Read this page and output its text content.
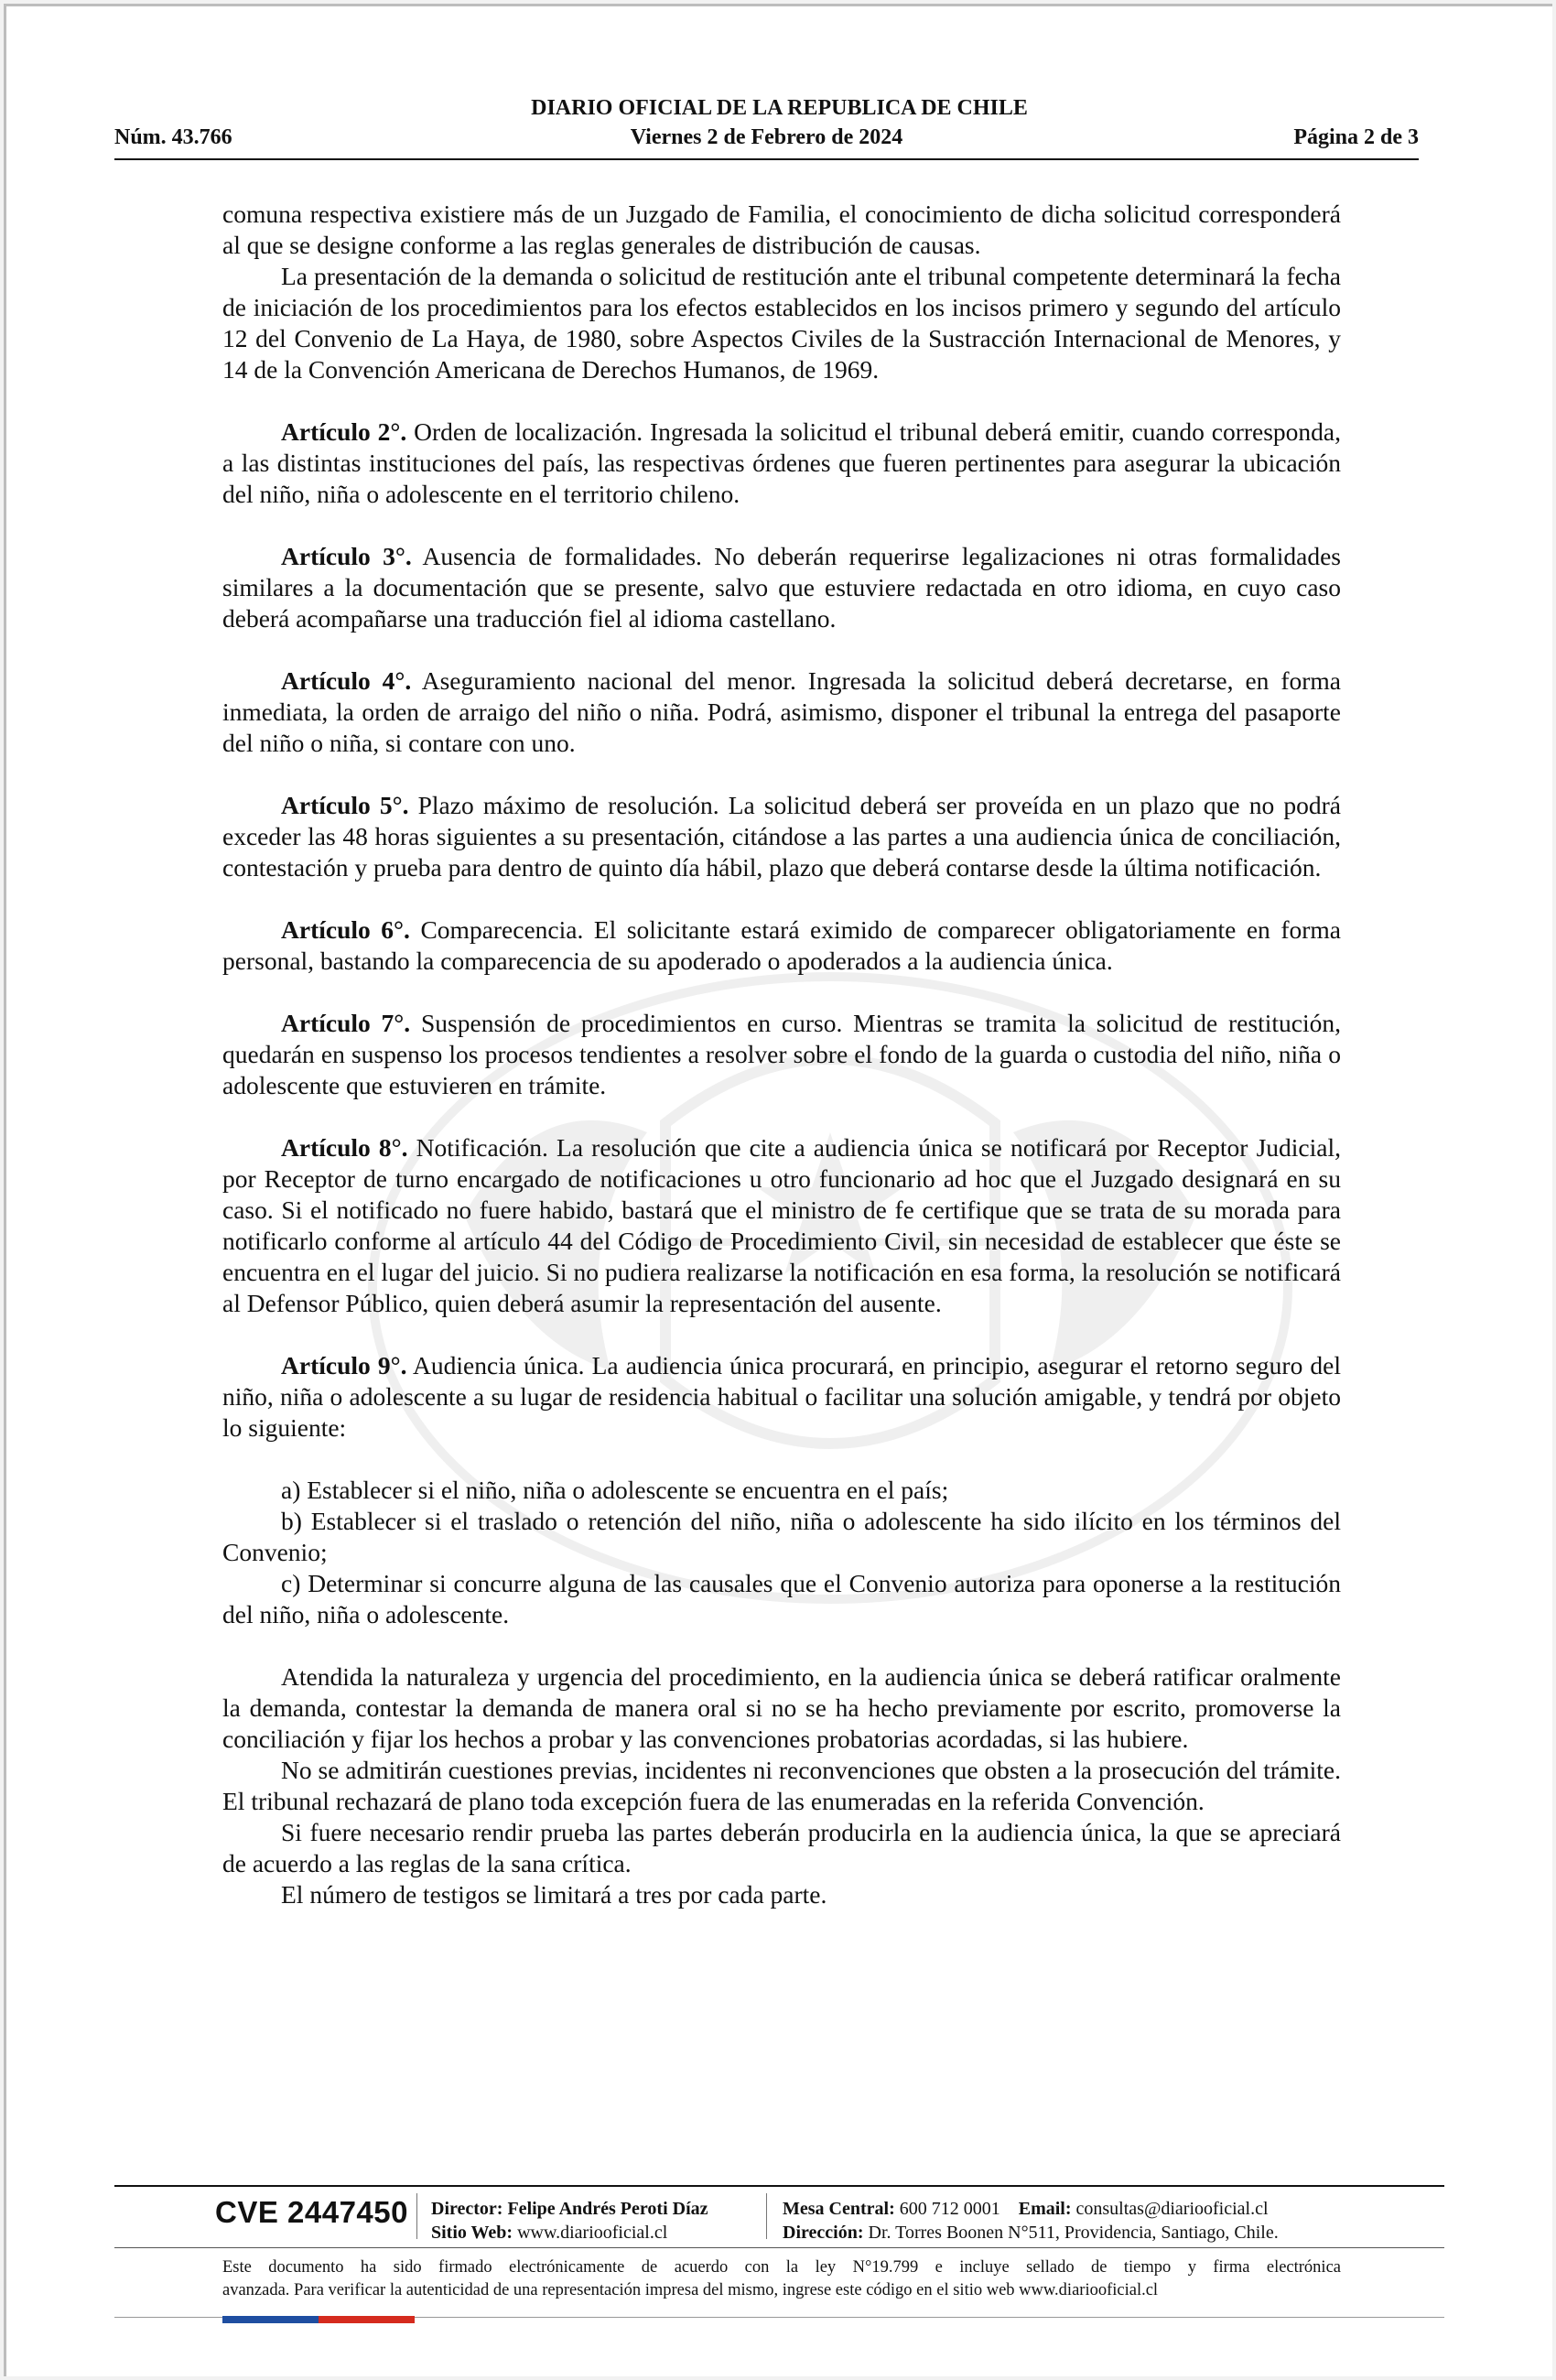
DIARIO OFICIAL DE LA REPUBLICA DE CHILE
Núm. 43.766	Viernes 2 de Febrero de 2024	Página 2 de 3

comuna respectiva existiere más de un Juzgado de Familia, el conocimiento de dicha solicitud corresponderá al que se designe conforme a las reglas generales de distribución de causas.

La presentación de la demanda o solicitud de restitución ante el tribunal competente determinará la fecha de iniciación de los procedimientos para los efectos establecidos en los incisos primero y segundo del artículo 12 del Convenio de La Haya, de 1980, sobre Aspectos Civiles de la Sustracción Internacional de Menores, y 14 de la Convención Americana de Derechos Humanos, de 1969.

Artículo 2°. Orden de localización. Ingresada la solicitud el tribunal deberá emitir, cuando corresponda, a las distintas instituciones del país, las respectivas órdenes que fueren pertinentes para asegurar la ubicación del niño, niña o adolescente en el territorio chileno.

Artículo 3°. Ausencia de formalidades. No deberán requerirse legalizaciones ni otras formalidades similares a la documentación que se presente, salvo que estuviere redactada en otro idioma, en cuyo caso deberá acompañarse una traducción fiel al idioma castellano.

Artículo 4°. Aseguramiento nacional del menor. Ingresada la solicitud deberá decretarse, en forma inmediata, la orden de arraigo del niño o niña. Podrá, asimismo, disponer el tribunal la entrega del pasaporte del niño o niña, si contare con uno.

Artículo 5°. Plazo máximo de resolución. La solicitud deberá ser proveída en un plazo que no podrá exceder las 48 horas siguientes a su presentación, citándose a las partes a una audiencia única de conciliación, contestación y prueba para dentro de quinto día hábil, plazo que deberá contarse desde la última notificación.

Artículo 6°. Comparecencia. El solicitante estará eximido de comparecer obligatoriamente en forma personal, bastando la comparecencia de su apoderado o apoderados a la audiencia única.

Artículo 7°. Suspensión de procedimientos en curso. Mientras se tramita la solicitud de restitución, quedarán en suspenso los procesos tendientes a resolver sobre el fondo de la guarda o custodia del niño, niña o adolescente que estuvieren en trámite.

Artículo 8°. Notificación. La resolución que cite a audiencia única se notificará por Receptor Judicial, por Receptor de turno encargado de notificaciones u otro funcionario ad hoc que el Juzgado designará en su caso. Si el notificado no fuere habido, bastará que el ministro de fe certifique que se trata de su morada para notificarlo conforme al artículo 44 del Código de Procedimiento Civil, sin necesidad de establecer que éste se encuentra en el lugar del juicio. Si no pudiera realizarse la notificación en esa forma, la resolución se notificará al Defensor Público, quien deberá asumir la representación del ausente.

Artículo 9°. Audiencia única. La audiencia única procurará, en principio, asegurar el retorno seguro del niño, niña o adolescente a su lugar de residencia habitual o facilitar una solución amigable, y tendrá por objeto lo siguiente:

a) Establecer si el niño, niña o adolescente se encuentra en el país;

b) Establecer si el traslado o retención del niño, niña o adolescente ha sido ilícito en los términos del Convenio;

c) Determinar si concurre alguna de las causales que el Convenio autoriza para oponerse a la restitución del niño, niña o adolescente.

Atendida la naturaleza y urgencia del procedimiento, en la audiencia única se deberá ratificar oralmente la demanda, contestar la demanda de manera oral si no se ha hecho previamente por escrito, promoverse la conciliación y fijar los hechos a probar y las convenciones probatorias acordadas, si las hubiere.

No se admitirán cuestiones previas, incidentes ni reconvenciones que obsten a la prosecución del trámite. El tribunal rechazará de plano toda excepción fuera de las enumeradas en la referida Convención.

Si fuere necesario rendir prueba las partes deberán producirla en la audiencia única, la que se apreciará de acuerdo a las reglas de la sana crítica.

El número de testigos se limitará a tres por cada parte.

CVE 2447450 Director: Felipe Andrés Peroti Díaz
Sitio Web: www.diariooficial.cl
Mesa Central: 600 712 0001 Email: consultas@diariooficial.cl
Dirección: Dr. Torres Boonen N°511, Providencia, Santiago, Chile.
Este documento ha sido firmado electrónicamente de acuerdo con la ley N°19.799 e incluye sellado de tiempo y firma electrónica
avanzada. Para verificar la autenticidad de una representación impresa del mismo, ingrese este código en el sitio web www.diariooficial.cl
